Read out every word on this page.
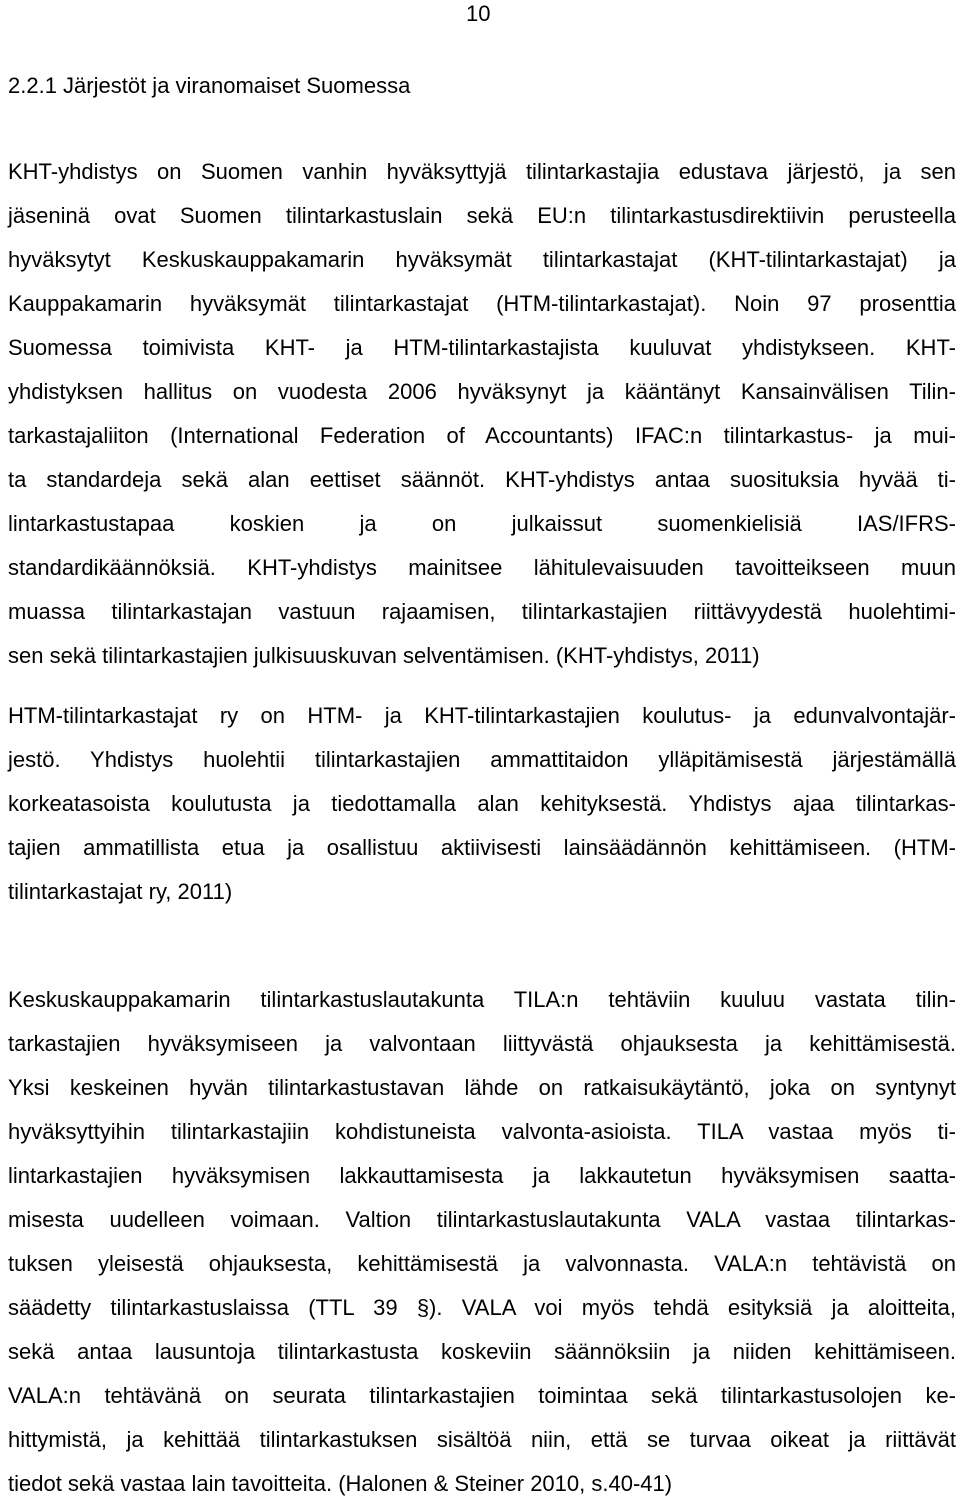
10
2.2.1 Järjestöt ja viranomaiset Suomessa
KHT-yhdistys on Suomen vanhin hyväksyttyjä tilintarkastajia edustava järjestö, ja sen
jäseninä ovat Suomen tilintarkastuslain sekä EU:n tilintarkastusdirektiivin perusteella
hyväksytyt Keskuskauppakamarin hyväksymät tilintarkastajat (KHT-tilintarkastajat) ja
Kauppakamarin hyväksymät tilintarkastajat (HTM-tilintarkastajat). Noin 97 prosenttia
Suomessa toimivista KHT- ja HTM-tilintarkastajista kuuluvat yhdistykseen. KHT-
yhdistyksen hallitus on vuodesta 2006 hyväksynyt ja kääntänyt Kansainvälisen Tilin-
tarkastajaliiton (International Federation of Accountants) IFAC:n tilintarkastus- ja mui-
ta standardeja sekä alan eettiset säännöt. KHT-yhdistys antaa suosituksia hyvää ti-
lintarkastustapaa koskien ja on julkaissut suomenkielisiä IAS/IFRS-
standardikäännöksiä. KHT-yhdistys mainitsee lähitulevaisuuden tavoitteikseen muun
muassa tilintarkastajan vastuun rajaamisen, tilintarkastajien riittävyydestä huolehtimi-
sen sekä tilintarkastajien julkisuuskuvan selventämisen. (KHT-yhdistys, 2011)
HTM-tilintarkastajat ry on HTM- ja KHT-tilintarkastajien koulutus- ja edunvalvontajär-
jestö. Yhdistys huolehtii tilintarkastajien ammattitaidon ylläpitämisestä järjestämällä
korkeatasoista koulutusta ja tiedottamalla alan kehityksestä. Yhdistys ajaa tilintarkas-
tajien ammatillista etua ja osallistuu aktiivisesti lainsäädännön kehittämiseen. (HTM-
tilintarkastajat ry, 2011)
Keskuskauppakamarin tilintarkastuslautakunta TILA:n tehtäviin kuuluu vastata tilin-
tarkastajien hyväksymiseen ja valvontaan liittyvästä ohjauksesta ja kehittämisestä.
Yksi keskeinen hyvän tilintarkastustavan lähde on ratkaisukäytäntö, joka on syntynyt
hyväksyttyihin tilintarkastajiin kohdistuneista valvonta-asioista. TILA vastaa myös ti-
lintarkastajien hyväksymisen lakkauttamisesta ja lakkautetun hyväksymisen saatta-
misesta uudelleen voimaan. Valtion tilintarkastuslautakunta VALA vastaa tilintarkas-
tuksen yleisestä ohjauksesta, kehittämisestä ja valvonnasta. VALA:n tehtävistä on
säädetty tilintarkastuslaissa (TTL 39 §). VALA voi myös tehdä esityksiä ja aloitteita,
sekä antaa lausuntoja tilintarkastusta koskeviin säännöksiin ja niiden kehittämiseen.
VALA:n tehtävänä on seurata tilintarkastajien toimintaa sekä tilintarkastusolojen ke-
hittymistä, ja kehittää tilintarkastuksen sisältöä niin, että se turvaa oikeat ja riittävät
tiedot sekä vastaa lain tavoitteita. (Halonen & Steiner 2010, s.40-41)
